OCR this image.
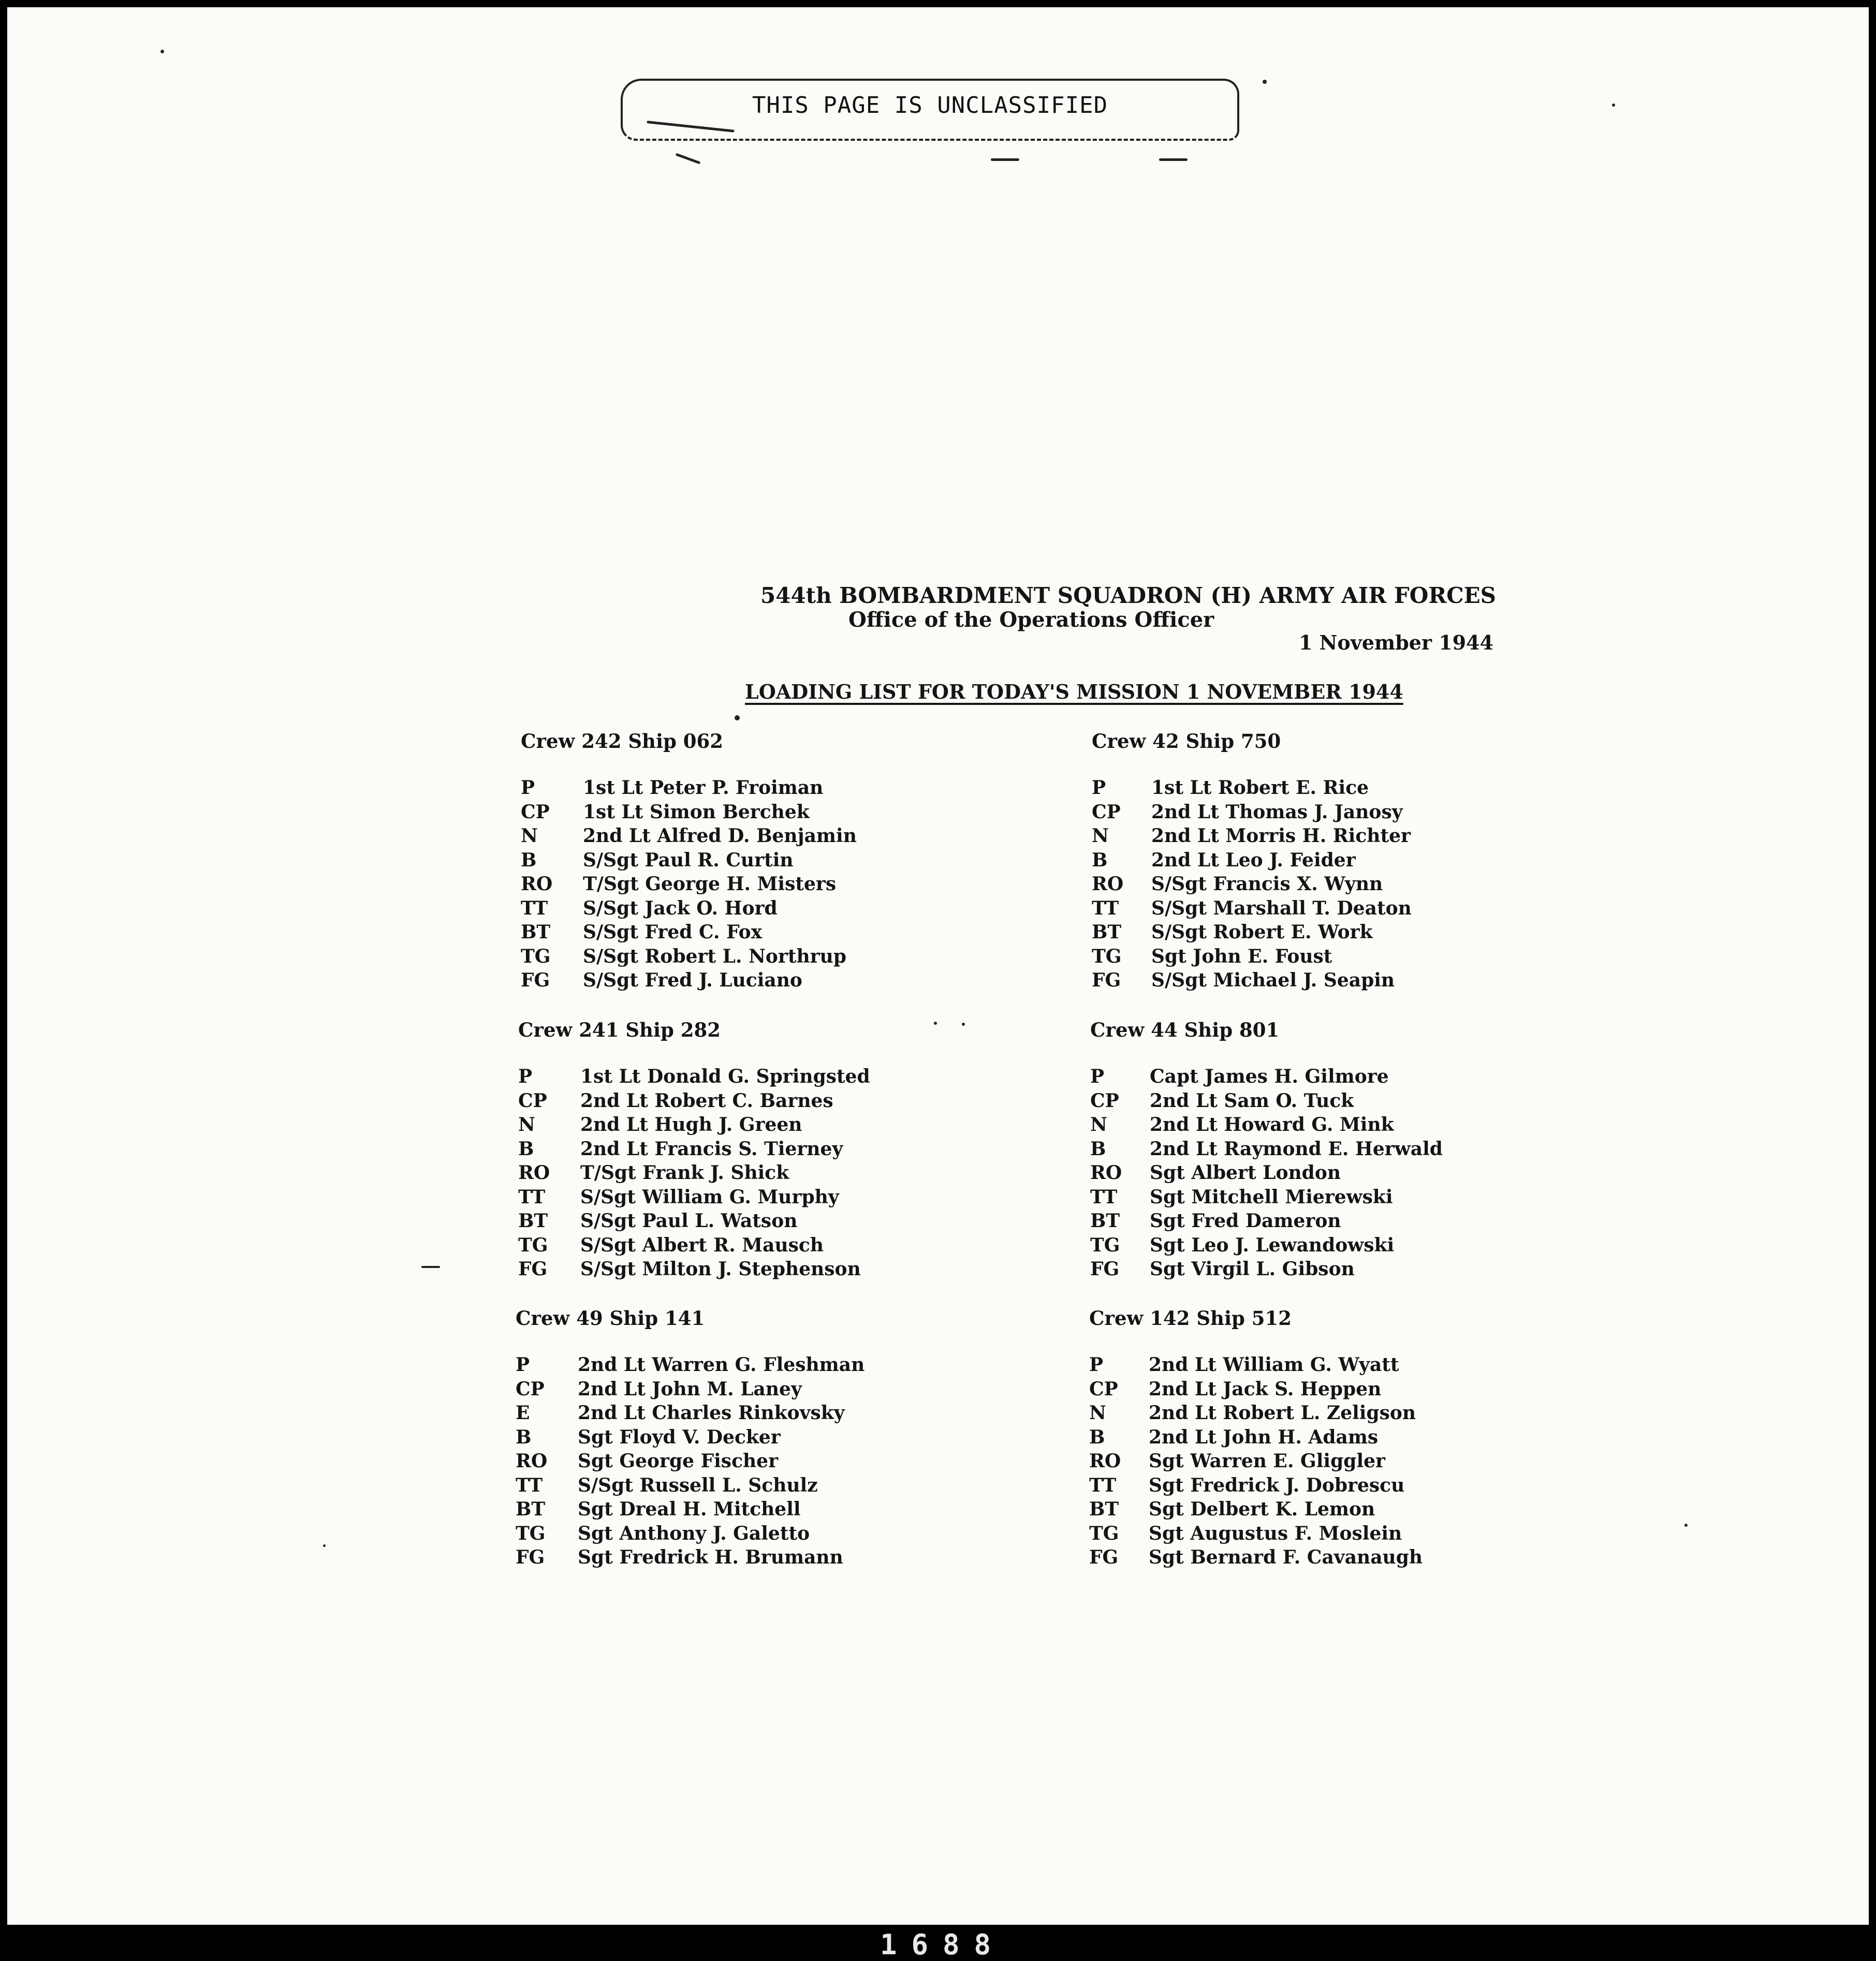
THIS PAGE IS UNCLASSIFIED
544th BOMBARDMENT SQUADRON (H) ARMY AIR FORCES
Office of the Operations Officer
1 November 1944
LOADING LIST FOR TODAY'S MISSION 1 NOVEMBER 1944
Crew 242 Ship 062
P	1st Lt Peter P. Froiman
CP	1st Lt Simon Berchek
N	2nd Lt Alfred D. Benjamin
B	S/Sgt Paul R. Curtin
RO	T/Sgt George H. Misters
TT	S/Sgt Jack O. Hord
BT	S/Sgt Fred C. Fox
TG	S/Sgt Robert L. Northrup
FG	S/Sgt Fred J. Luciano
Crew 241 Ship 282
P	1st Lt Donald G. Springsted
CP	2nd Lt Robert C. Barnes
N	2nd Lt Hugh J. Green
B	2nd Lt Francis S. Tierney
RO	T/Sgt Frank J. Shick
TT	S/Sgt William G. Murphy
BT	S/Sgt Paul L. Watson
TG	S/Sgt Albert R. Mausch
FG	S/Sgt Milton J. Stephenson
Crew 49 Ship 141
P	2nd Lt Warren G. Fleshman
CP	2nd Lt John M. Laney
E	2nd Lt Charles Rinkovsky
B	Sgt Floyd V. Decker
RO	Sgt George Fischer
TT	S/Sgt Russell L. Schulz
BT	Sgt Dreal H. Mitchell
TG	Sgt Anthony J. Galetto
FG	Sgt Fredrick H. Brumann
Crew 42 Ship 750
P	1st Lt Robert E. Rice
CP	2nd Lt Thomas J. Janosy
N	2nd Lt Morris H. Richter
B	2nd Lt Leo J. Feider
RO	S/Sgt Francis X. Wynn
TT	S/Sgt Marshall T. Deaton
BT	S/Sgt Robert E. Work
TG	Sgt John E. Foust
FG	S/Sgt Michael J. Seapin
Crew 44 Ship 801
P	Capt James H. Gilmore
CP	2nd Lt Sam O. Tuck
N	2nd Lt Howard G. Mink
B	2nd Lt Raymond E. Herwald
RO	Sgt Albert London
TT	Sgt Mitchell Mierewski
BT	Sgt Fred Dameron
TG	Sgt Leo J. Lewandowski
FG	Sgt Virgil L. Gibson
Crew 142 Ship 512
P	2nd Lt William G. Wyatt
CP	2nd Lt Jack S. Heppen
N	2nd Lt Robert L. Zeligson
B	2nd Lt John H. Adams
RO	Sgt Warren E. Gliggler
TT	Sgt Fredrick J. Dobrescu
BT	Sgt Delbert K. Lemon
TG	Sgt Augustus F. Moslein
FG	Sgt Bernard F. Cavanaugh
1688
